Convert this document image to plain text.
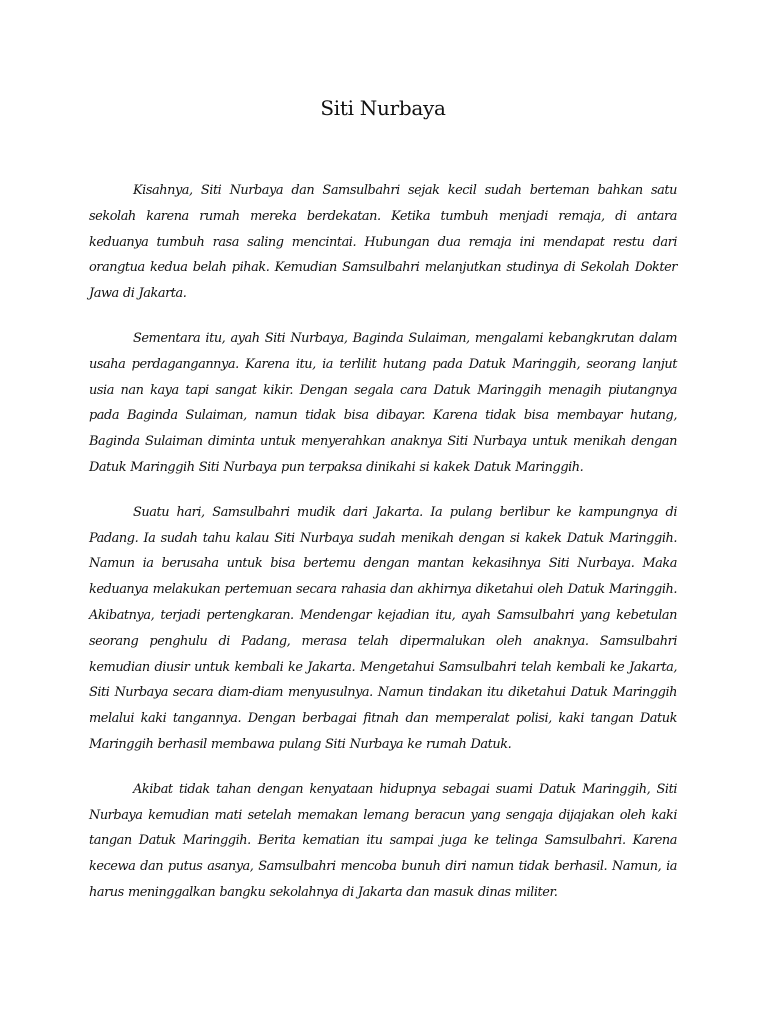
Siti Nurbaya

Kisahnya, Siti Nurbaya dan Samsulbahri sejak kecil sudah berteman bahkan satu sekolah karena rumah mereka berdekatan. Ketika tumbuh menjadi remaja, di antara keduanya tumbuh rasa saling mencintai. Hubungan dua remaja ini mendapat restu dari orangtua kedua belah pihak. Kemudian Samsulbahri melanjutkan studinya di Sekolah Dokter Jawa di Jakarta.

Sementara itu, ayah Siti Nurbaya, Baginda Sulaiman, mengalami kebangkrutan dalam usaha perdagangannya. Karena itu, ia terlilit hutang pada Datuk Maringgih, seorang lanjut usia nan kaya tapi sangat kikir. Dengan segala cara Datuk Maringgih menagih piutangnya pada Baginda Sulaiman, namun tidak bisa dibayar. Karena tidak bisa membayar hutang, Baginda Sulaiman diminta untuk menyerahkan anaknya Siti Nurbaya untuk menikah dengan Datuk Maringgih Siti Nurbaya pun terpaksa dinikahi si kakek Datuk Maringgih.

Suatu hari, Samsulbahri mudik dari Jakarta. Ia pulang berlibur ke kampungnya di Padang. Ia sudah tahu kalau Siti Nurbaya sudah menikah dengan si kakek Datuk Maringgih. Namun ia berusaha untuk bisa bertemu dengan mantan kekasihnya Siti Nurbaya. Maka keduanya melakukan pertemuan secara rahasia dan akhirnya diketahui oleh Datuk Maringgih. Akibatnya, terjadi pertengkaran. Mendengar kejadian itu, ayah Samsulbahri yang kebetulan seorang penghulu di Padang, merasa telah dipermalukan oleh anaknya. Samsulbahri kemudian diusir untuk kembali ke Jakarta. Mengetahui Samsulbahri telah kembali ke Jakarta, Siti Nurbaya secara diam-diam menyusulnya. Namun tindakan itu diketahui Datuk Maringgih melalui kaki tangannya. Dengan berbagai fitnah dan memperalat polisi, kaki tangan Datuk Maringgih berhasil membawa pulang Siti Nurbaya ke rumah Datuk.

Akibat tidak tahan dengan kenyataan hidupnya sebagai suami Datuk Maringgih, Siti Nurbaya kemudian mati setelah memakan lemang beracun yang sengaja dijajakan oleh kaki tangan Datuk Maringgih. Berita kematian itu sampai juga ke telinga Samsulbahri. Karena kecewa dan putus asanya, Samsulbahri mencoba bunuh diri namun tidak berhasil. Namun, ia harus meninggalkan bangku sekolahnya di Jakarta dan masuk dinas militer.
